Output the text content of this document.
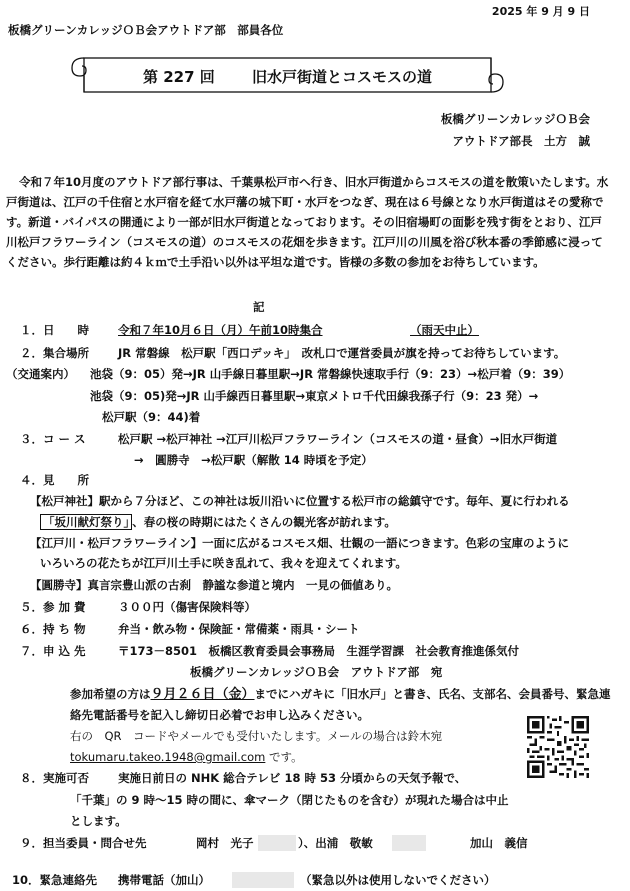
2025 年 9 月 9 日
板橋グリーンカレッジＯＢ会アウトドア部　部員各位
第 227 回 旧水戸街道とコスモスの道
板橋グリーンカレッジＯＢ会
アウトドア部長　土方　誠
令和７年10月度のアウトドア部行事は、千葉県松戸市へ行き、旧水戸街道からコスモスの道を散策いたします。水戸街道は、江戸の千住宿と水戸宿を経て水戸藩の城下町・水戸をつなぎ、現在は６号線となり水戸街道はその愛称です。新道・バイパスの開通により一部が旧水戸街道となっております。その旧宿場町の面影を残す街をとおり、江戸川松戸フラワーライン（コスモスの道）のコスモスの花畑を歩きます。江戸川の川風を浴び秋本番の季節感に浸ってください。歩行距離は約４ｋｍで土手沿い以外は平坦な道です。皆様の多数の参加をお待ちしています。
記
１．日　　時	令和７年10月６日（月）午前10時集合	（雨天中止）
２．集合場所	JR 常磐線　松戸駅「西口デッキ」　改札口で運営委員が旗を持ってお待ちしています。
（交通案内） 池袋（9：05）発→JR 山手線日暮里駅→JR 常磐線快速取手行（9：23）→松戸着（9：39）
池袋（9：05)発→JR 山手線西日暮里駅→東京メトロ千代田線我孫子行（9：23 発）→
松戸駅（9：44)着
３．コ ー ス	松戸駅 →松戸神社 →江戸川松戸フラワーライン（コスモスの道・昼食）→旧水戸街道
→　圓勝寺　→松戸駅（解散 14 時頃を予定）
４．見　　所
【松戸神社】駅から７分ほど、この神社は坂川沿いに位置する松戸市の総鎮守です。毎年、夏に行われる
「坂川献灯祭り」 、春の桜の時期にはたくさんの観光客が訪れます。
【江戸川・松戸フラワーライン】一面に広がるコスモス畑、壮観の一語につきます。色彩の宝庫のように
いろいろの花たちが江戸川土手に咲き乱れて、我々を迎えてくれます。
【圓勝寺】真言宗豊山派の古刹　静謐な参道と境内　一見の価値あり。
５．参 加 費	３００円（傷害保険料等）
６．持 ち 物	弁当・飲み物・保険証・常備薬・雨具・シート
７．申 込 先	〒173－8501　板橋区教育委員会事務局　生涯学習課　社会教育推進係気付
板橋グリーンカレッジＯＢ会　アウトドア部　宛
参加希望の方は９月２６日（金）までにハガキに「旧水戸」と書き、氏名、支部名、会員番号、緊急連
絡先電話番号を記入し締切日必着でお申し込みください。
右の　QR　コードやメールでも受付いたします。メールの場合は鈴木宛
tokumaru.takeo.1948@gmail.com です。
８．実施可否	実施日前日の NHK 総合テレビ 18 時 53 分頃からの天気予報で、
「千葉」の 9 時～15 時の間に、傘マーク（閉じたものを含む）が現れた場合は中止
とします。
９．担当委員・問合せ先	岡村　光子	）、出浦　敬敏	加山　義信
10．緊急連絡先 携帯電話（加山）	（緊急以外は使用しないでください）
